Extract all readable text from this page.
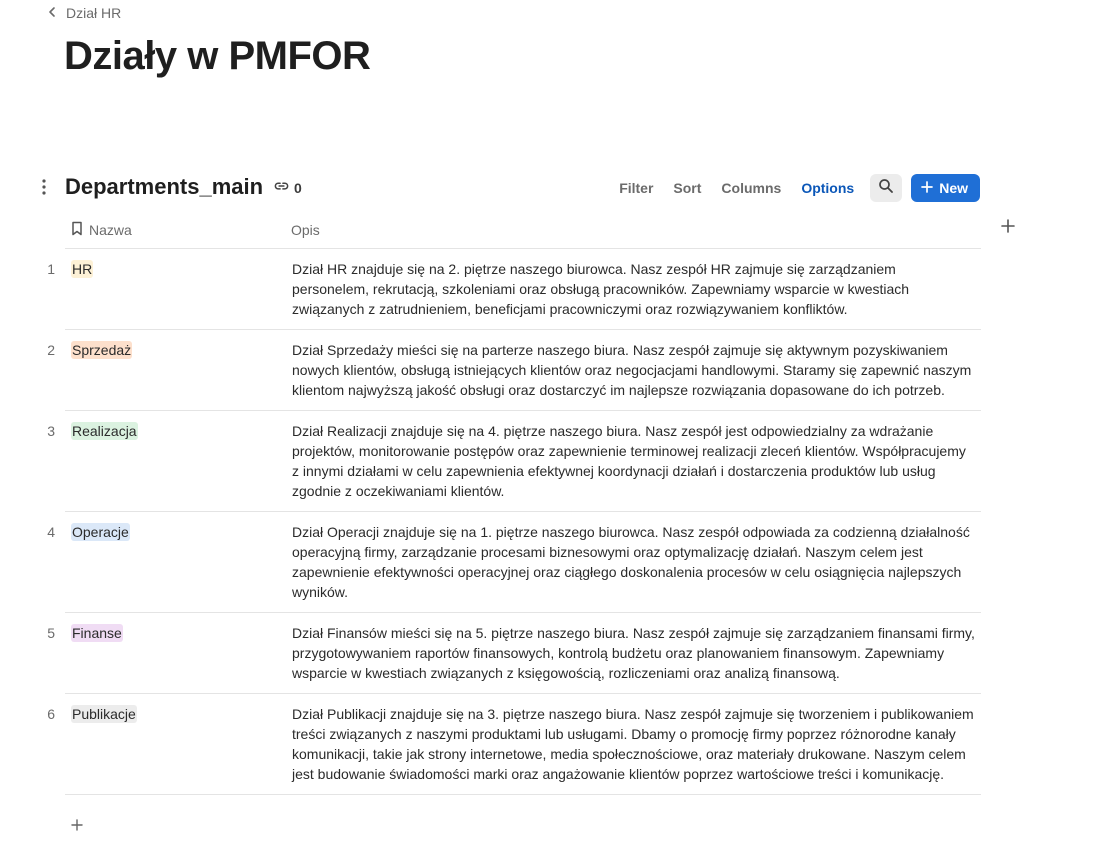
Dział HR
Działy w PMFOR
Departments_main 0	Filter	Sort	Columns	Options	New
Nazwa	Opis
1	HR	Dział HR znajduje się na 2. piętrze naszego biurowca. Nasz zespół HR zajmuje się zarządzaniem personelem, rekrutacją, szkoleniami oraz obsługą pracowników. Zapewniamy wsparcie w kwestiach związanych z zatrudnieniem, beneficjami pracowniczymi oraz rozwiązywaniem konfliktów.
2	Sprzedaż	Dział Sprzedaży mieści się na parterze naszego biura. Nasz zespół zajmuje się aktywnym pozyskiwaniem nowych klientów, obsługą istniejących klientów oraz negocjacjami handlowymi. Staramy się zapewnić naszym klientom najwyższą jakość obsługi oraz dostarczyć im najlepsze rozwiązania dopasowane do ich potrzeb.
3	Realizacja	Dział Realizacji znajduje się na 4. piętrze naszego biura. Nasz zespół jest odpowiedzialny za wdrażanie projektów, monitorowanie postępów oraz zapewnienie terminowej realizacji zleceń klientów. Współpracujemy z innymi działami w celu zapewnienia efektywnej koordynacji działań i dostarczenia produktów lub usług zgodnie z oczekiwaniami klientów.
4	Operacje	Dział Operacji znajduje się na 1. piętrze naszego biurowca. Nasz zespół odpowiada za codzienną działalność operacyjną firmy, zarządzanie procesami biznesowymi oraz optymalizację działań. Naszym celem jest zapewnienie efektywności operacyjnej oraz ciągłego doskonalenia procesów w celu osiągnięcia najlepszych wyników.
5	Finanse	Dział Finansów mieści się na 5. piętrze naszego biura. Nasz zespół zajmuje się zarządzaniem finansami firmy, przygotowywaniem raportów finansowych, kontrolą budżetu oraz planowaniem finansowym. Zapewniamy wsparcie w kwestiach związanych z księgowością, rozliczeniami oraz analizą finansową.
6	Publikacje	Dział Publikacji znajduje się na 3. piętrze naszego biura. Nasz zespół zajmuje się tworzeniem i publikowaniem treści związanych z naszymi produktami lub usługami. Dbamy o promocję firmy poprzez różnorodne kanały komunikacji, takie jak strony internetowe, media społecznościowe, oraz materiały drukowane. Naszym celem jest budowanie świadomości marki oraz angażowanie klientów poprzez wartościowe treści i komunikację.
